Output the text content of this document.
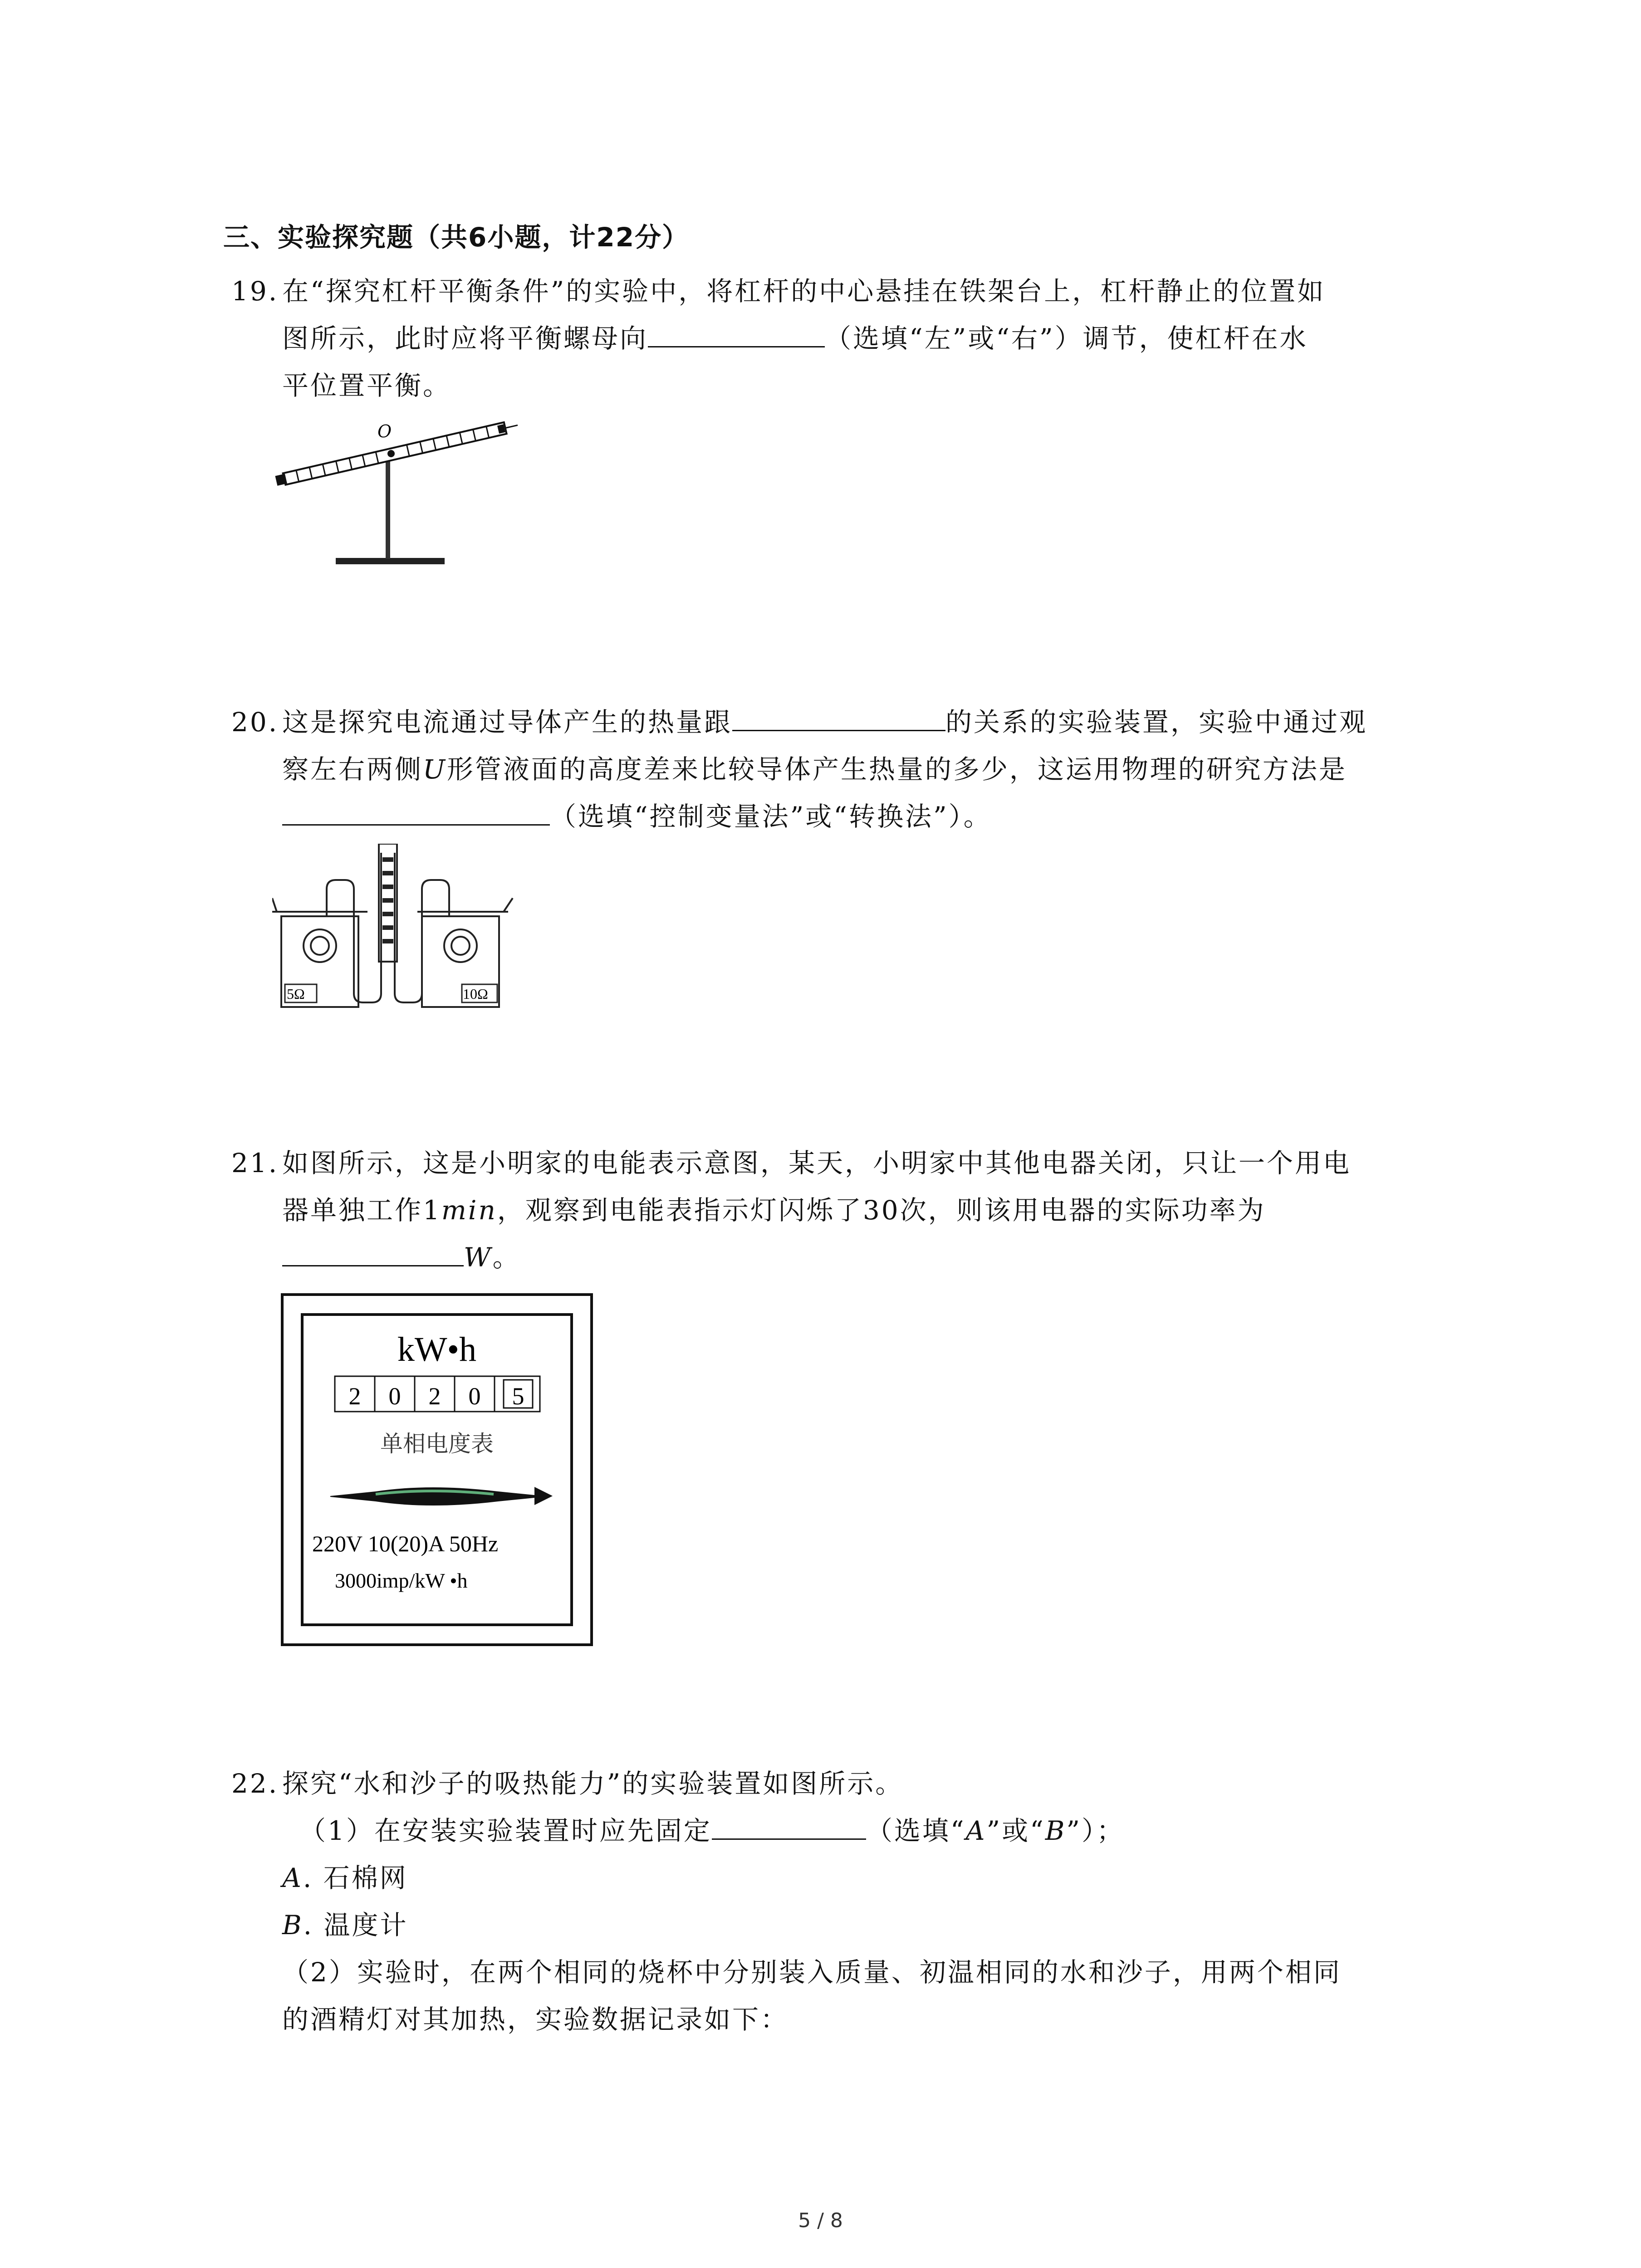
三、实验探究题（共6小题，计22分）

19. 在“探究杠杆平衡条件”的实验中，将杠杆的中心悬挂在铁架台上，杠杆静止的位置如

图所示，此时应将平衡螺母向	（选填“左”或“右”）调节，使杠杆在水

平位置平衡。

O

20. 这是探究电流通过导体产生的热量跟	的关系的实验装置，实验中通过观

察左右两侧U形管液面的高度差来比较导体产生热量的多少，这运用物理的研究方法是

（选填“控制变量法”或“转换法”）。

5Ω	10Ω

21. 如图所示，这是小明家的电能表示意图，某天，小明家中其他电器关闭，只让一个用电

器单独工作1min，观察到电能表指示灯闪烁了30次，则该用电器的实际功率为

W。

kW•h
2 0 2 0 5
单相电度表
220V 10(20)A 50Hz
3000imp/kW •h

22. 探究“水和沙子的吸热能力”的实验装置如图所示。

（1）在安装实验装置时应先固定	（选填“A”或“B”）；

A. 石棉网

B. 温度计

（2）实验时，在两个相同的烧杯中分别装入质量、初温相同的水和沙子，用两个相同

的酒精灯对其加热，实验数据记录如下：

5 / 8
